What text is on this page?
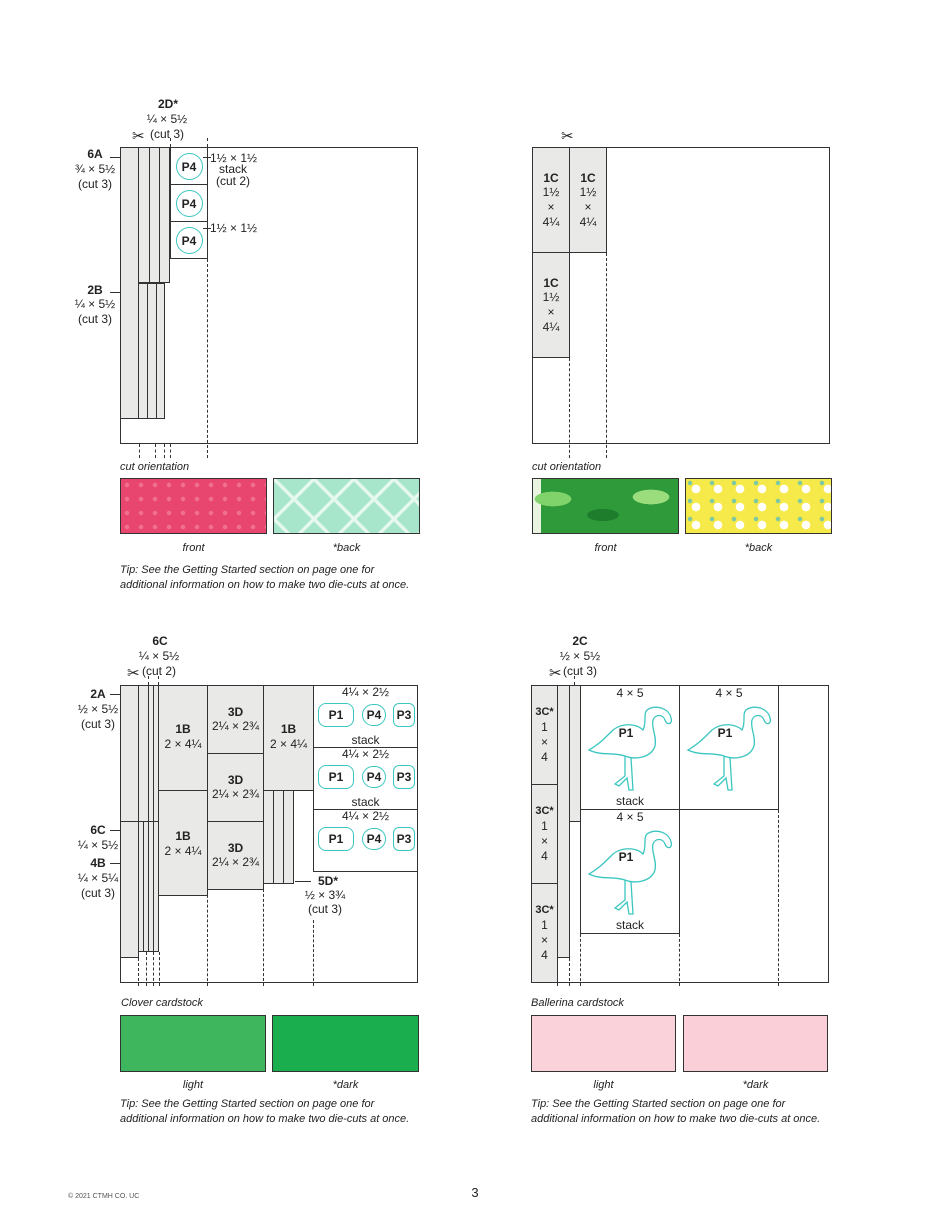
2D*
¼ × 5½
(cut 3)
✂
6A
¾ × 5½
(cut 3)
2B
¼ × 5½
(cut 3)
P4
P4
P4
1½ × 1½
stack
(cut 2)
1½ × 1½
cut orientation
front	*back
Tip: See the Getting Started section on page one for additional information on how to make two die-cuts at once.
✂
1C
1½
×
4¼
1C
1½
×
4¼
1C
1½
×
4¼
cut orientation
front	*back
6C
¼ × 5½
(cut 2)
✂
2A
½ × 5½
(cut 3)
6C
¼ × 5½
4B
¼ × 5¼
(cut 3)
1B
2 × 4¼
1B
2 × 4¼
1B
2 × 4¼
3D
2¼ × 2¾
3D
2¼ × 2¾
3D
2¼ × 2¾
5D*
½ × 3¾
(cut 3)
4¼ × 2½
P1	P4	P3
stack
4¼ × 2½
P1	P4	P3
stack
4¼ × 2½
P1	P4	P3
Clover cardstock
light	*dark
Tip: See the Getting Started section on page one for additional information on how to make two die-cuts at once.
2C
½ × 5½
(cut 3)
✂
3C*
1
×
4
3C*
1
×
4
3C*
1
×
4
4 × 5
P1
stack
4 × 5
P1
4 × 5
P1
stack
Ballerina cardstock
light	*dark
Tip: See the Getting Started section on page one for additional information on how to make two die-cuts at once.
© 2021 CTMH CO. UC	3
